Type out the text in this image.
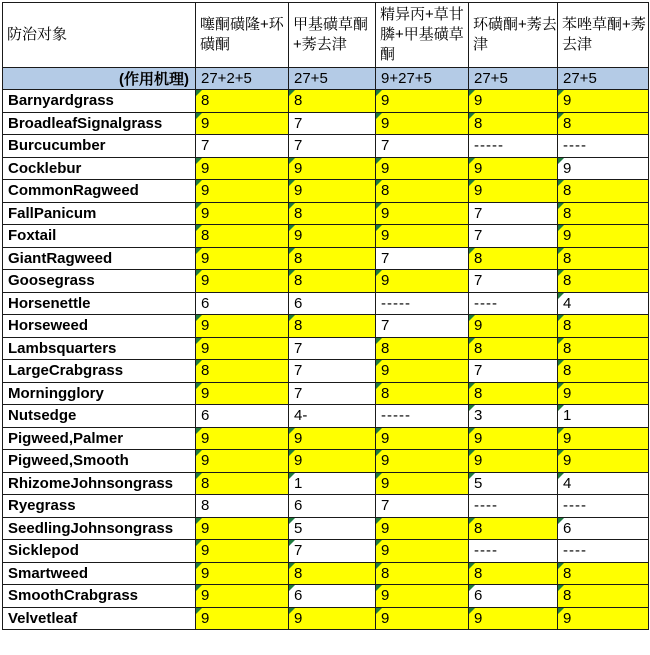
防治对象	噻酮磺隆+环磺酮	甲基磺草酮+莠去津	精异丙+草甘膦+甲基磺草酮	环磺酮+莠去津	苯唑草酮+莠去津
(作用机理)	27+2+5	27+5	9+27+5	27+5	27+5
Barnyardgrass	8	8	9	9	9
BroadleafSignalgrass	9	7	9	8	8
Burcucumber	7	7	7	-----	----
Cocklebur	9	9	9	9	9
CommonRagweed	9	9	8	9	8
FallPanicum	9	8	9	7	8
Foxtail	8	9	9	7	9
GiantRagweed	9	8	7	8	8
Goosegrass	9	8	9	7	8
Horsenettle	6	6	-----	----	4
Horseweed	9	8	7	9	8
Lambsquarters	9	7	8	8	8
LargeCrabgrass	8	7	9	7	8
Morningglory	9	7	8	8	9
Nutsedge	6	4-	-----	3	1
Pigweed,Palmer	9	9	9	9	9
Pigweed,Smooth	9	9	9	9	9
RhizomeJohnsongrass	8	1	9	5	4
Ryegrass	8	6	7	----	----
SeedlingJohnsongrass	9	5	9	8	6
Sicklepod	9	7	9	----	----
Smartweed	9	8	8	8	8
SmoothCrabgrass	9	6	9	6	8
Velvetleaf	9	9	9	9	9
